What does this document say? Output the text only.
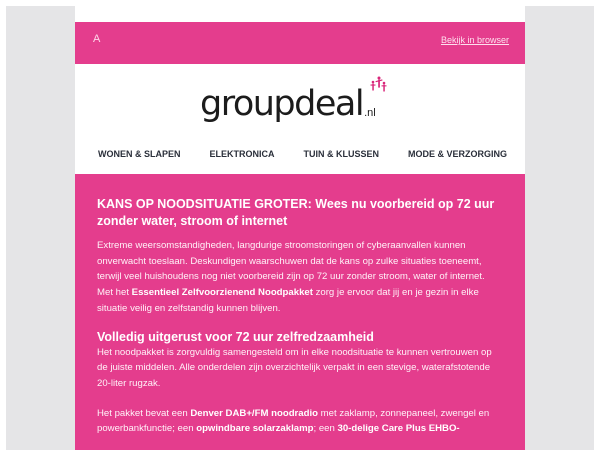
A	Bekijk in browser
groupdeal .nl
WONEN & SLAPEN	ELEKTRONICA	TUIN & KLUSSEN	MODE & VERZORGING
KANS OP NOODSITUATIE GROTER: Wees nu voorbereid op 72 uur zonder water, stroom of internet

Extreme weersomstandigheden, langdurige stroomstoringen of cyberaanvallen kunnen onverwacht toeslaan. Deskundigen waarschuwen dat de kans op zulke situaties toeneemt, terwijl veel huishoudens nog niet voorbereid zijn op 72 uur zonder stroom, water of internet. Met het Essentieel Zelfvoorzienend Noodpakket zorg je ervoor dat jij en je gezin in elke situatie veilig en zelfstandig kunnen blijven.

Volledig uitgerust voor 72 uur zelfredzaamheid

Het noodpakket is zorgvuldig samengesteld om in elke noodsituatie te kunnen vertrouwen op de juiste middelen. Alle onderdelen zijn overzichtelijk verpakt in een stevige, waterafstotende 20-liter rugzak.

Het pakket bevat een Denver DAB+/FM noodradio met zaklamp, zonnepaneel, zwengel en powerbankfunctie; een opwindbare solarzaklamp; een 30-delige Care Plus EHBO-
